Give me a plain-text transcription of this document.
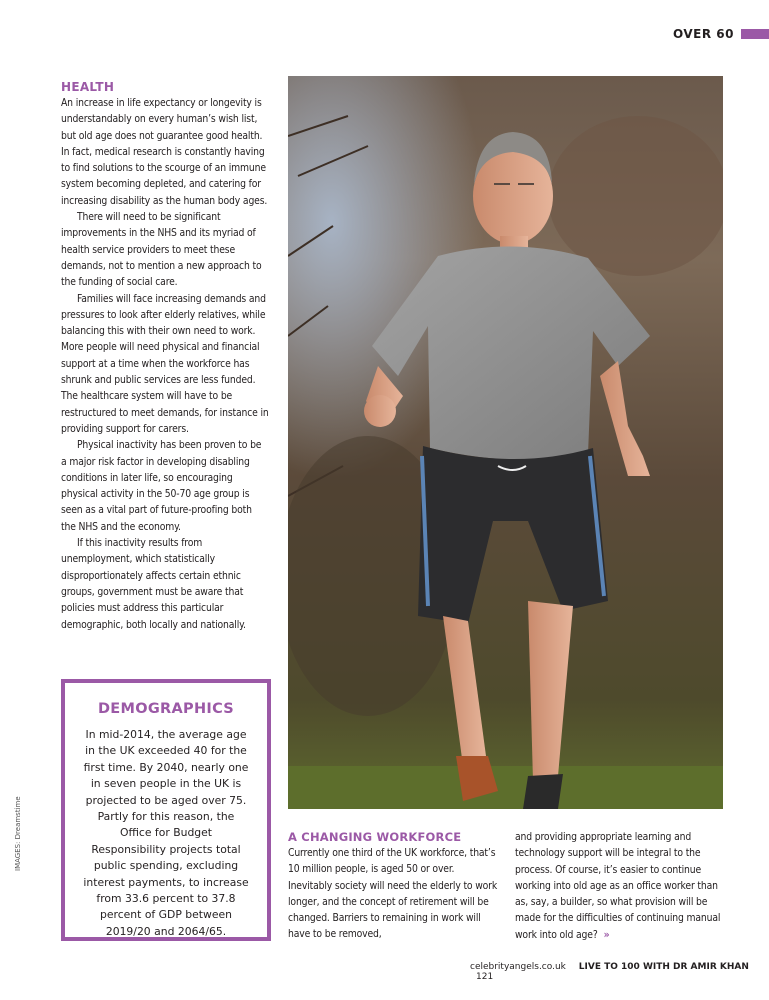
OVER 60
HEALTH

An increase in life expectancy or longevity is understandably on every human’s wish list, but old age does not guarantee good health. In fact, medical research is constantly having to find solutions to the scourge of an immune system becoming depleted, and catering for increasing disability as the human body ages.

There will need to be significant improvements in the NHS and its myriad of health service providers to meet these demands, not to mention a new approach to the funding of social care.

Families will face increasing demands and pressures to look after elderly relatives, while balancing this with their own need to work. More people will need physical and financial support at a time when the workforce has shrunk and public services are less funded. The healthcare system will have to be restructured to meet demands, for instance in providing support for carers.

Physical inactivity has been proven to be a major risk factor in developing disabling conditions in later life, so encouraging physical activity in the 50-70 age group is seen as a vital part of future-proofing both the NHS and the economy.

If this inactivity results from unemployment, which statistically disproportionately affects certain ethnic groups, government must be aware that policies must address this particular demographic, both locally and nationally.

DEMOGRAPHICS

In mid-2014, the average age in the UK exceeded 40 for the first time. By 2040, nearly one in seven people in the UK is projected to be aged over 75. Partly for this reason, the Office for Budget Responsibility projects total public spending, excluding interest payments, to increase from 33.6 percent to 37.8 percent of GDP between 2019/20 and 2064/65.

IMAGES: Dreamstime	A CHANGING WORKFORCE

Currently one third of the UK workforce, that’s 10 million people, is aged 50 or over. Inevitably society will need the elderly to work longer, and the concept of retirement will be changed. Barriers to remaining in work will have to be removed,

and providing appropriate learning and technology support will be integral to the process. Of course, it’s easier to continue working into old age as an office worker than as, say, a builder, so what provision will be made for the difficulties of continuing manual work into old age? »

celebrityangels.co.uk LIVE TO 100 WITH DR AMIR KHAN 121
